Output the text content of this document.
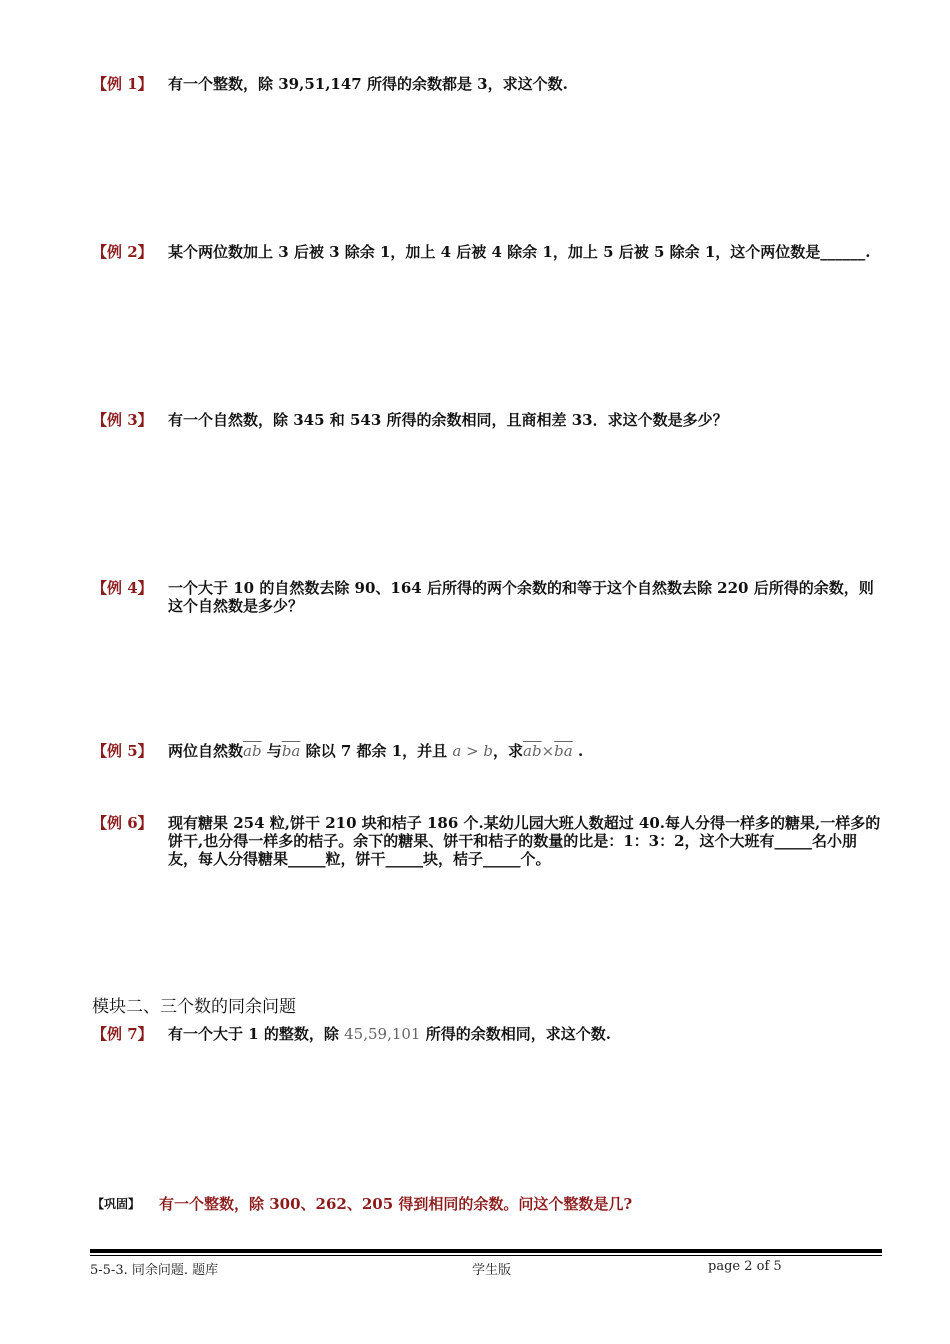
【例 1】 有一个整数，除 39,51,147 所得的余数都是 3，求这个数.
【例 2】 某个两位数加上 3 后被 3 除余 1，加上 4 后被 4 除余 1，加上 5 后被 5 除余 1，这个两位数是______.
【例 3】 有一个自然数，除 345 和 543 所得的余数相同，且商相差 33．求这个数是多少？
【例 4】 一个大于 10 的自然数去除 90、164 后所得的两个余数的和等于这个自然数去除 220 后所得的余数，则这个自然数是多少？
【例 5】 两位自然数$\overline{ab}$ 与$\overline{ba}$ 除以 7 都余 1，并且 a > b，求$\overline{ab}\times\overline{ba}$ .
【例 6】 现有糖果 254 粒,饼干 210 块和桔子 186 个.某幼儿园大班人数超过 40.每人分得一样多的糖果,一样多的饼干,也分得一样多的桔子。余下的糖果、饼干和桔子的数量的比是：1：3：2，这个大班有_____名小朋友，每人分得糖果_____粒，饼干_____块，桔子_____个。
模块二、三个数的同余问题
【例 7】 有一个大于 1 的整数，除 45,59,101 所得的余数相同，求这个数.
【巩固】 有一个整数，除 300、262、205 得到相同的余数。问这个整数是几?
5-5-3. 同余问题. 题库	学生版	page 2 of 5
